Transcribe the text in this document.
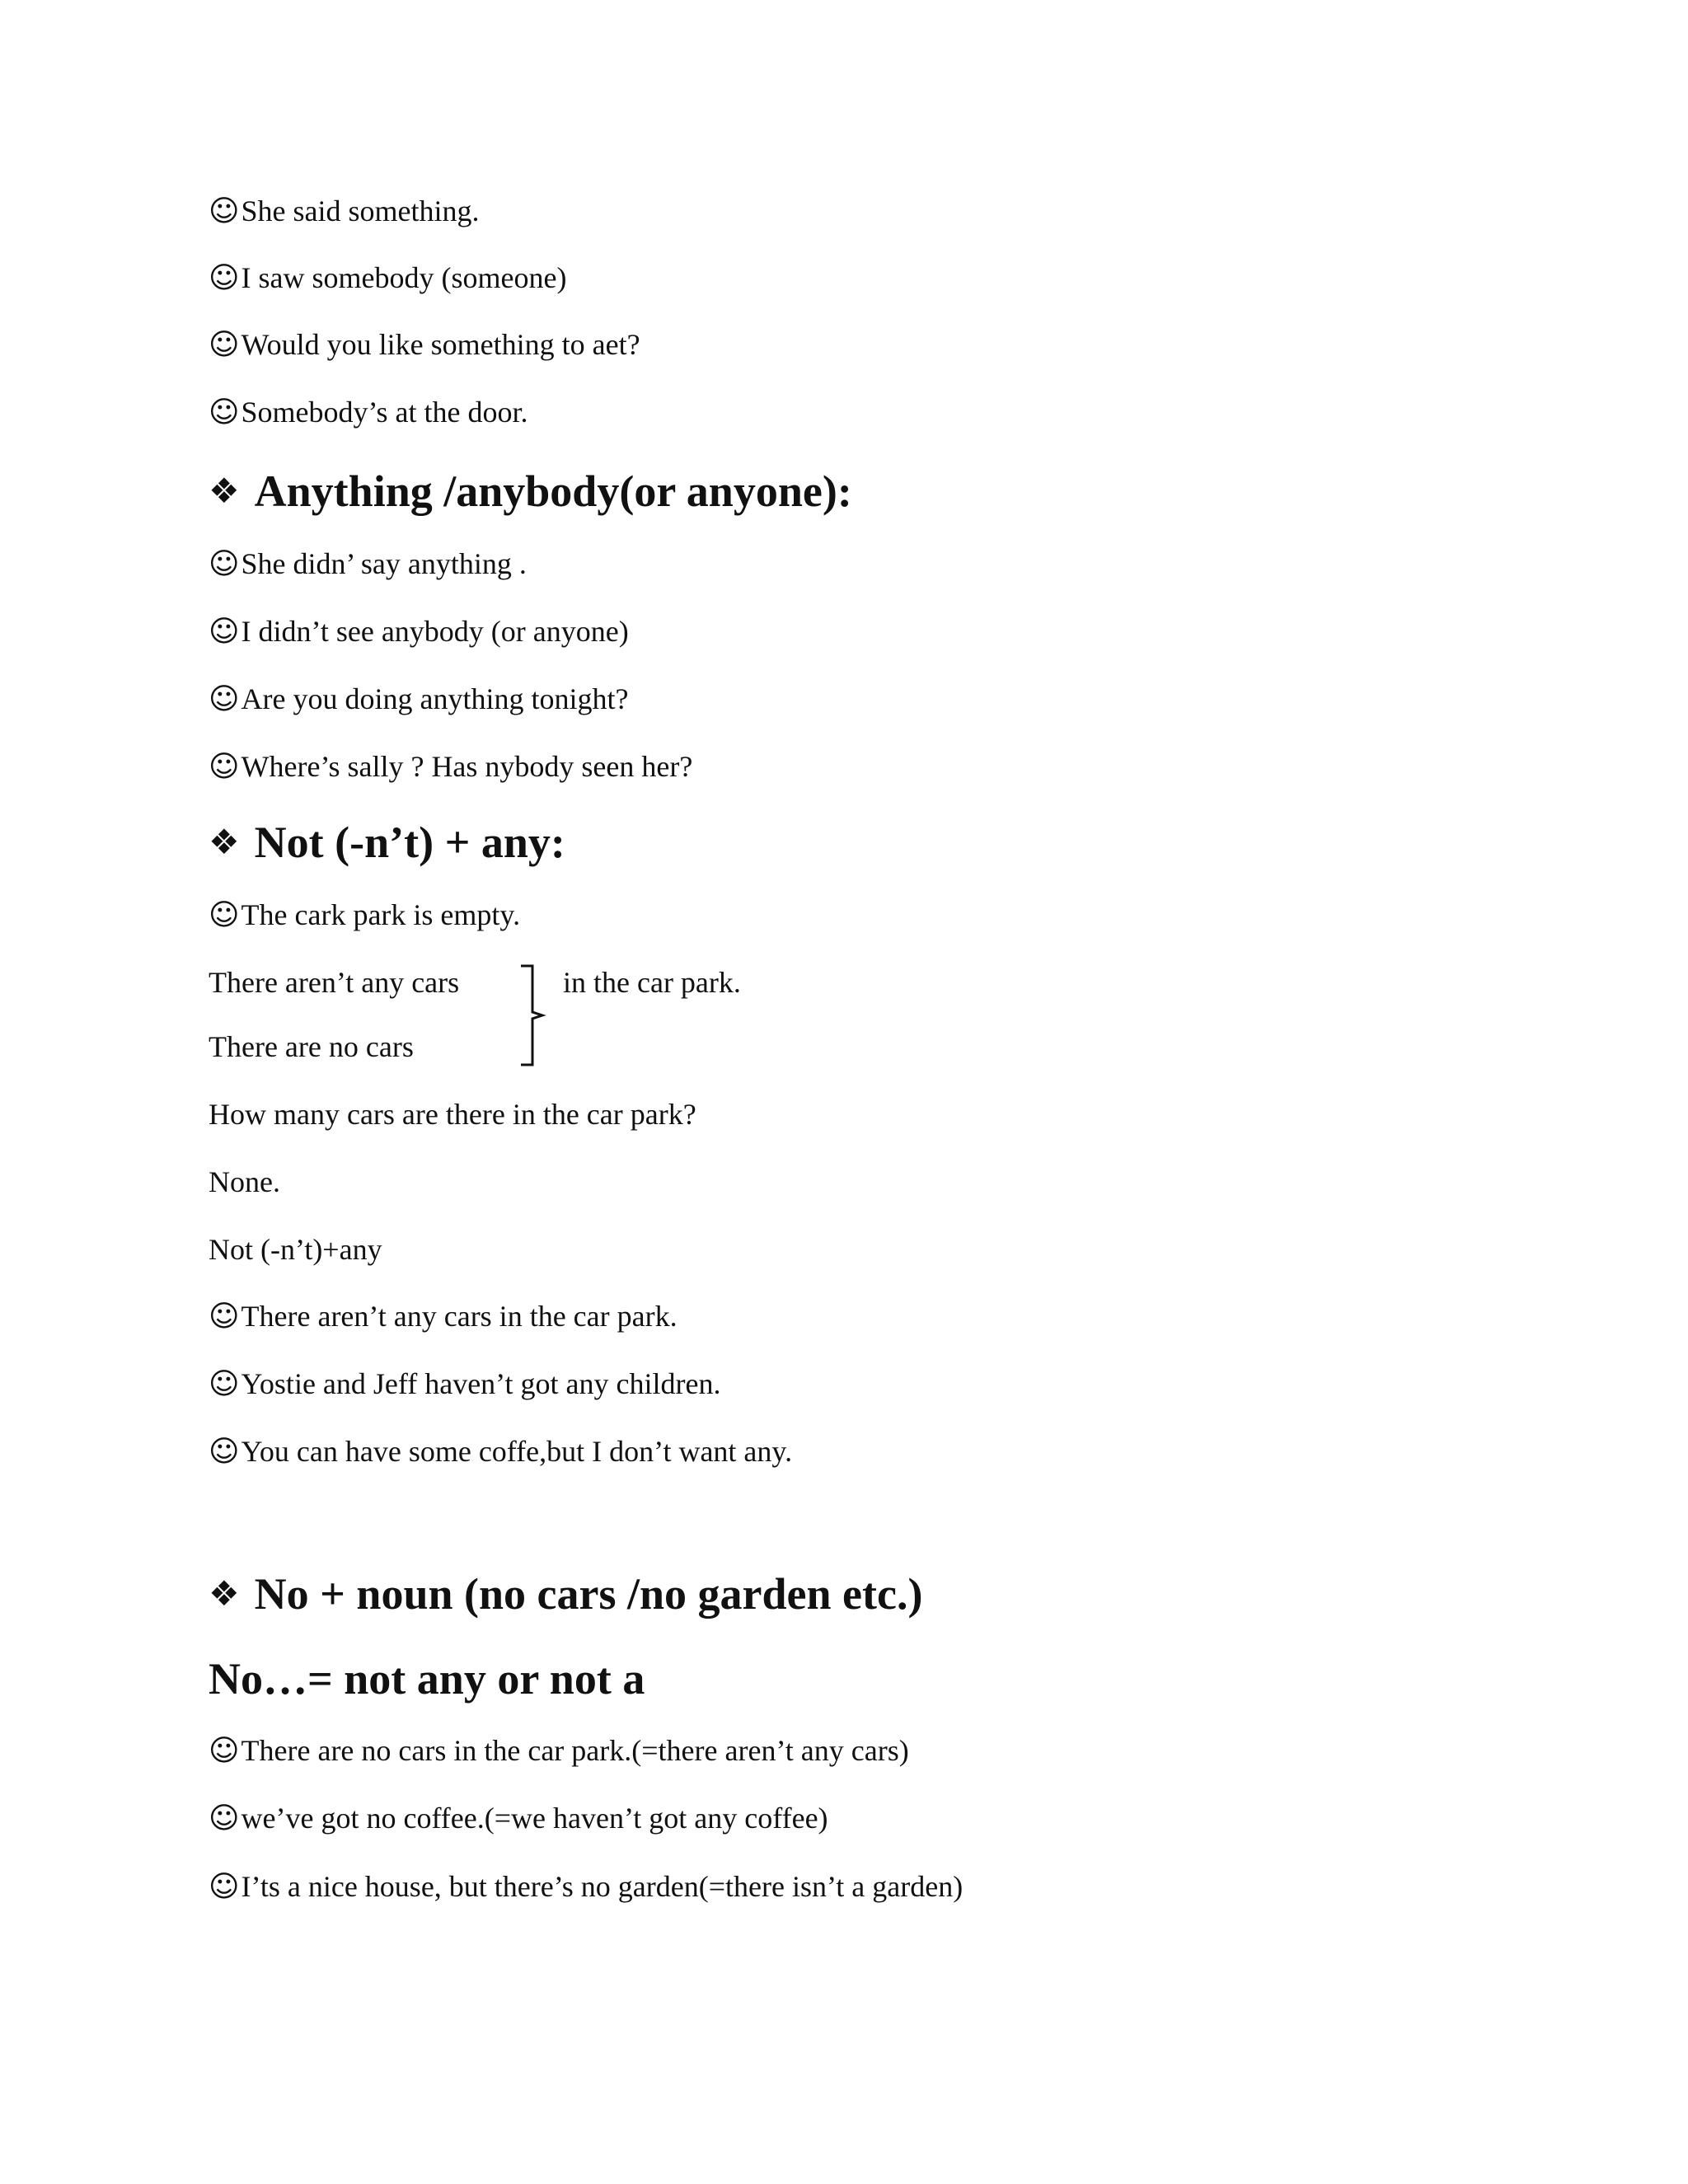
☺She said something.
☺I saw somebody (someone)
☺Would you like something to aet?
☺Somebody’s at the door.
❖ Anything /anybody(or anyone):
☺She didn’ say anything .
☺I didn’t see anybody (or anyone)
☺Are you doing anything tonight?
☺Where’s sally ? Has nybody seen her?
❖ Not (-n’t) + any:
☺The cark park is empty.
There aren’t any cars
There are no cars
in the car park.
How many cars are there in the car park?
None.
Not (-n’t)+any
☺There aren’t any cars in the car park.
☺Yostie and Jeff haven’t got any children.
☺You can have some coffe,but I don’t want any.
❖ No + noun (no cars /no garden etc.)
No…= not any or not a
☺There are no cars in the car park.(=there aren’t any cars)
☺we’ve got no coffee.(=we haven’t got any coffee)
☺I’ts a nice house, but there’s no garden(=there isn’t a garden)
